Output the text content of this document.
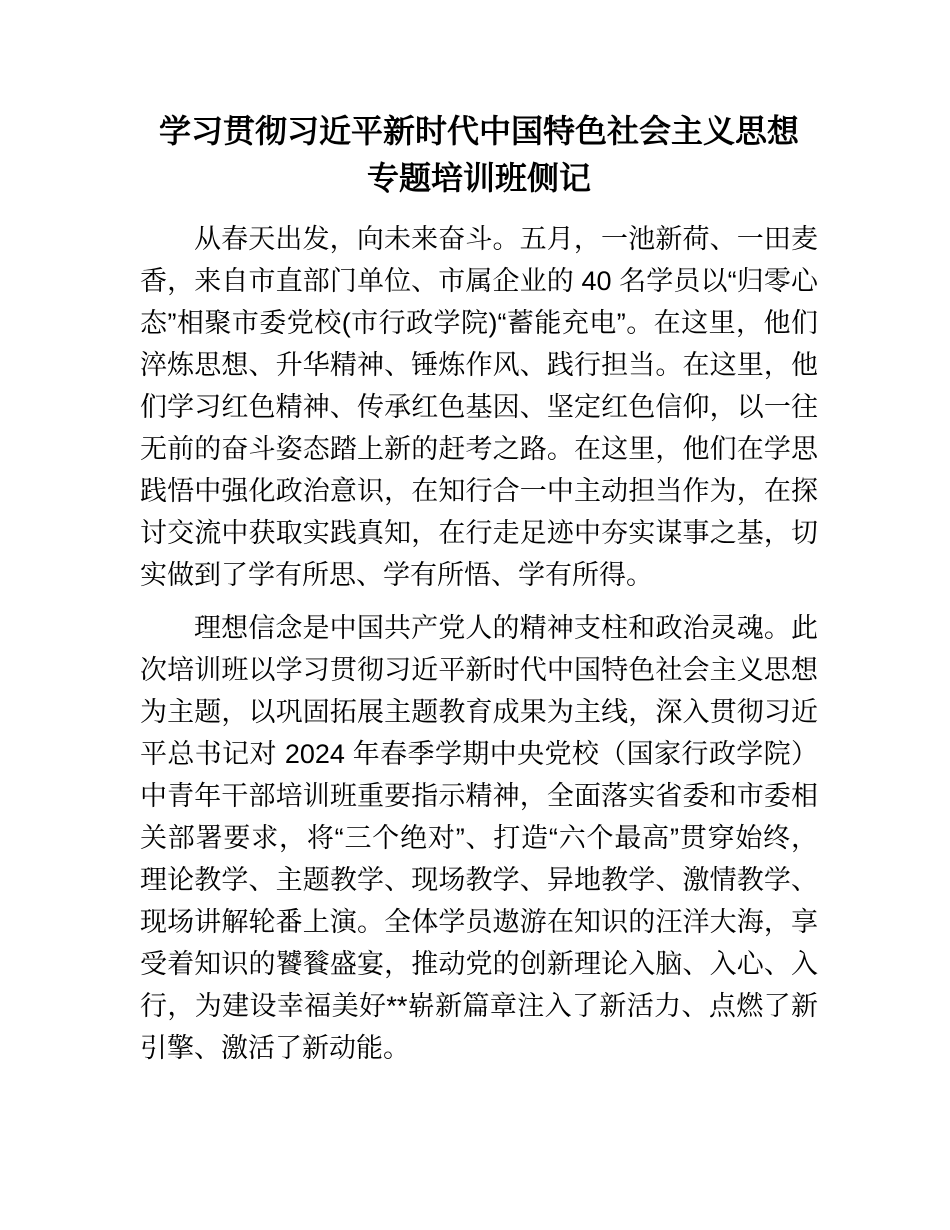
学习贯彻习近平新时代中国特色社会主义思想
专题培训班侧记

从春天出发，向未来奋斗。五月，一池新荷、一田麦香，来自市直部门单位、市属企业的 40 名学员以“归零心态”相聚市委党校(市行政学院)“蓄能充电”。在这里，他们淬炼思想、升华精神、锤炼作风、践行担当。在这里，他们学习红色精神、传承红色基因、坚定红色信仰，以一往无前的奋斗姿态踏上新的赶考之路。在这里，他们在学思践悟中强化政治意识，在知行合一中主动担当作为，在探讨交流中获取实践真知，在行走足迹中夯实谋事之基，切实做到了学有所思、学有所悟、学有所得。

理想信念是中国共产党人的精神支柱和政治灵魂。此次培训班以学习贯彻习近平新时代中国特色社会主义思想为主题，以巩固拓展主题教育成果为主线，深入贯彻习近平总书记对 2024 年春季学期中央党校（国家行政学院）中青年干部培训班重要指示精神，全面落实省委和市委相关部署要求，将“三个绝对”、打造“六个最高”贯穿始终，理论教学、主题教学、现场教学、异地教学、激情教学、现场讲解轮番上演。全体学员遨游在知识的汪洋大海，享受着知识的饕餮盛宴，推动党的创新理论入脑、入心、入行，为建设幸福美好**崭新篇章注入了新活力、点燃了新引擎、激活了新动能。
